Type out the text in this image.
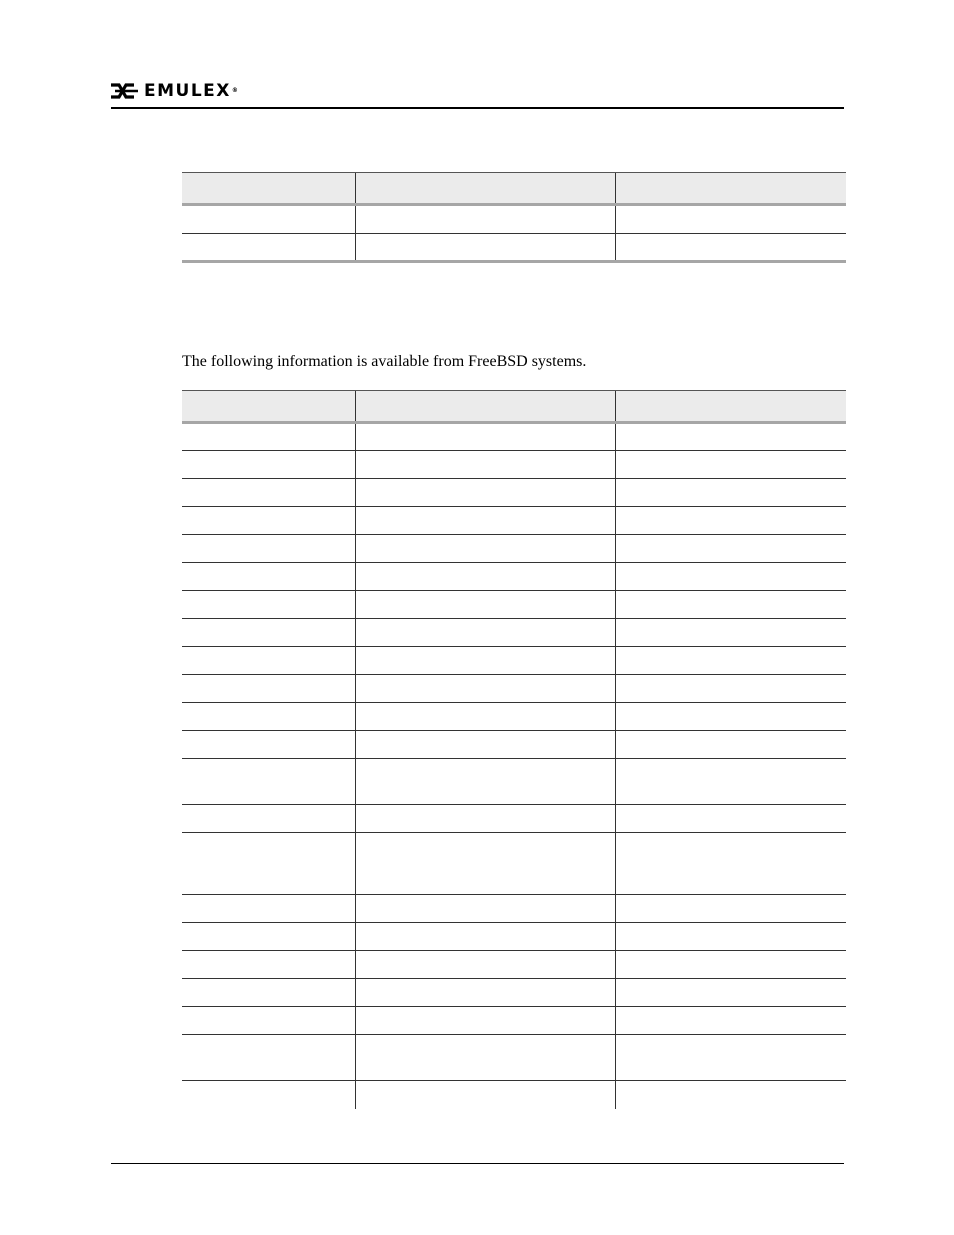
EMULEX®

The following information is available from FreeBSD systems.
